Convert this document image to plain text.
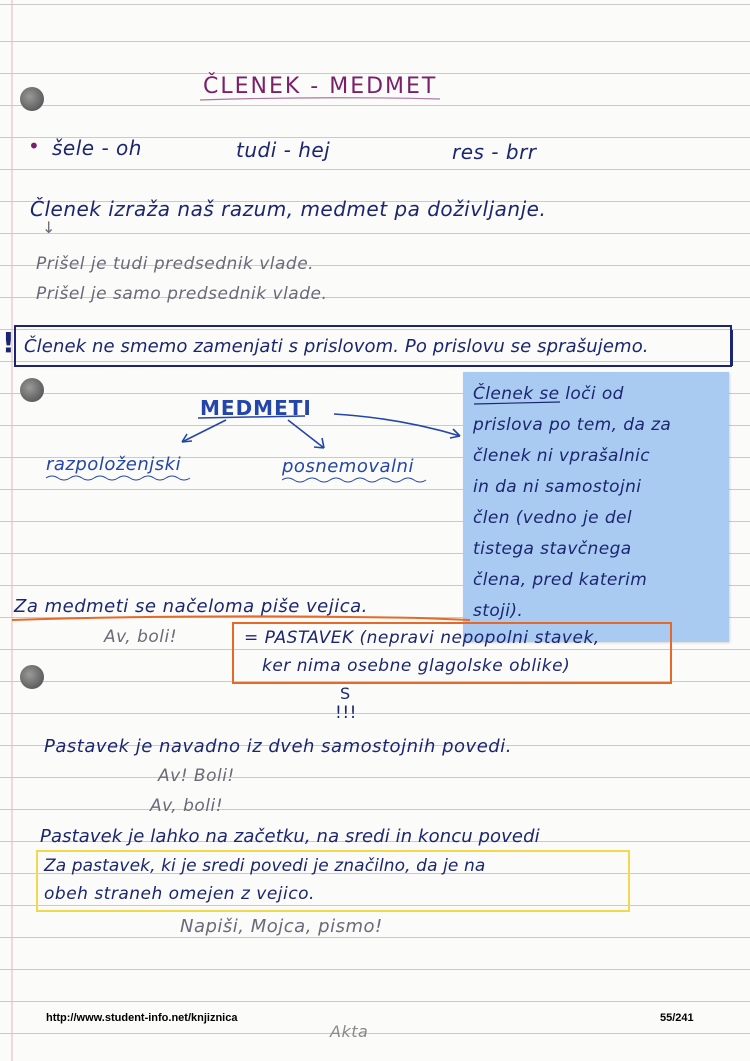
ČLENEK - MEDMET
• šele - oh	tudi - hej	res - brr
Členek izraža naš razum, medmet pa doživljanje.
↓
Prišel je tudi predsednik vlade.
Prišel je samo predsednik vlade.
! Členek ne smemo zamenjati s prislovom. Po prislovu se sprašujemo.
MEDMETI
razpoloženjski	posnemovalni
Členek se loči od
prislova po tem, da za
členek ni vprašalnic
in da ni samostojni
člen (vedno je del
tistega stavčnega
člena, pred katerim
stoji).
Za medmeti se načeloma piše vejica.
Av, boli!	= PASTAVEK (nepravi nepopolni stavek,
ker nima osebne glagolske oblike)
S
!!!
Pastavek je navadno iz dveh samostojnih povedi.
Av! Boli!
Av, boli!
Pastavek je lahko na začetku, na sredi in koncu povedi
Za pastavek, ki je sredi povedi je značilno, da je na
obeh straneh omejen z vejico.
Napiši, Mojca, pismo!
http://www.student-info.net/knjiznica	55/241
Akta
